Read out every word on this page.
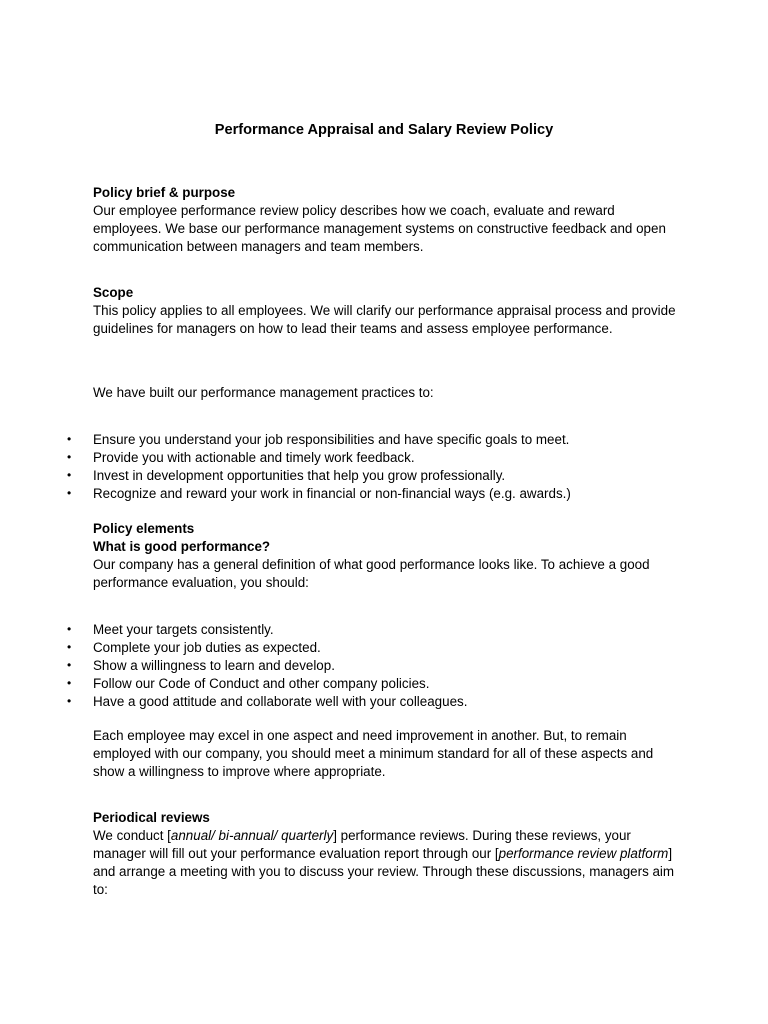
Performance Appraisal and Salary Review Policy

Policy brief & purpose

Our employee performance review policy describes how we coach, evaluate and reward employees. We base our performance management systems on constructive feedback and open communication between managers and team members.

Scope

This policy applies to all employees. We will clarify our performance appraisal process and provide guidelines for managers on how to lead their teams and assess employee performance.

We have built our performance management practices to:

• Ensure you understand your job responsibilities and have specific goals to meet.
• Provide you with actionable and timely work feedback.
• Invest in development opportunities that help you grow professionally.
• Recognize and reward your work in financial or non-financial ways (e.g. awards.)

Policy elements

What is good performance?

Our company has a general definition of what good performance looks like. To achieve a good performance evaluation, you should:

• Meet your targets consistently.
• Complete your job duties as expected.
• Show a willingness to learn and develop.
• Follow our Code of Conduct and other company policies.
• Have a good attitude and collaborate well with your colleagues.

Each employee may excel in one aspect and need improvement in another. But, to remain employed with our company, you should meet a minimum standard for all of these aspects and show a willingness to improve where appropriate.

Periodical reviews

We conduct [annual/ bi-annual/ quarterly] performance reviews. During these reviews, your manager will fill out your performance evaluation report through our [performance review platform] and arrange a meeting with you to discuss your review. Through these discussions, managers aim to:
